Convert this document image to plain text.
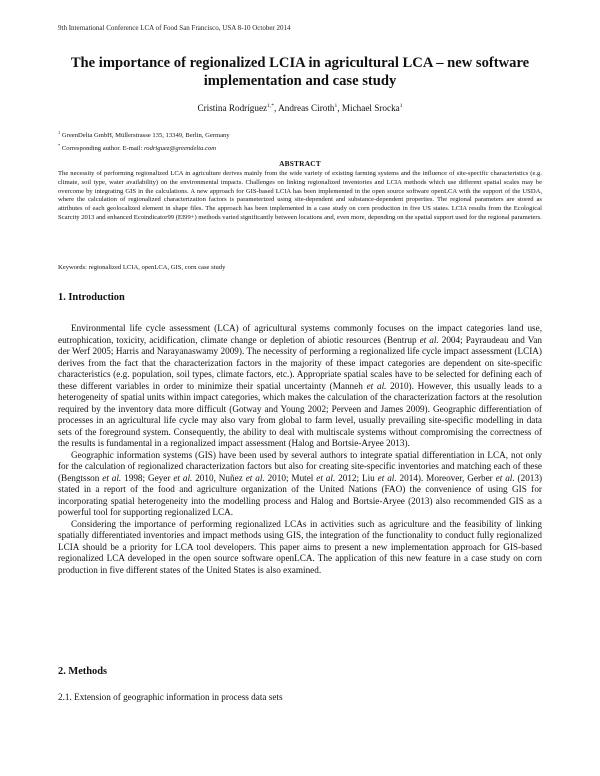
9th International Conference LCA of Food San Francisco, USA 8-10 October 2014
The importance of regionalized LCIA in agricultural LCA – new software implementation and case study
Cristina Rodríguez$^{1,*}$, Andreas Ciroth$^1$, Michael Srocka$^1$
$^1$ GreenDelta GmbH, Müllerstrasse 135, 13349, Berlin, Germany
* Corresponding author. E-mail: rodriguez@greendelta.com
ABSTRACT
The necessity of performing regionalized LCA in agriculture derives mainly from the wide variety of existing farming systems and the influence of site-specific characteristics (e.g. climate, soil type, water availability) on the environmental impacts. Challenges on linking regionalized inventories and LCIA methods which use different spatial scales may be overcome by integrating GIS in the calculations. A new approach for GIS-based LCIA has been implemented in the open source software openLCA with the support of the USDA, where the calculation of regionalized characterization factors is parameterized using site-dependent and substance-dependent properties. The regional parameters are stored as attributes of each geolocalized element in shape files. The approach has been implemented in a case study on corn production in five US states. LCIA results from the Ecological Scarcity 2013 and enhanced Ecoindicator99 (EI99+) methods varied significantly between locations and, even more, depending on the spatial support used for the regional parameters.
Keywords: regionalized LCIA, openLCA, GIS, corn case study
1. Introduction

Environmental life cycle assessment (LCA) of agricultural systems commonly focuses on the impact categories land use, eutrophication, toxicity, acidification, climate change or depletion of abiotic resources (Bentrup et al. 2004; Payraudeau and Van der Werf 2005; Harris and Narayanaswamy 2009). The necessity of performing a regionalized life cycle impact assessment (LCIA) derives from the fact that the characterization factors in the majority of these impact categories are dependent on site-specific characteristics (e.g. population, soil types, climate factors, etc.). Appropriate spatial scales have to be selected for defining each of these different variables in order to minimize their spatial uncertainty (Manneh et al. 2010). However, this usually leads to a heterogeneity of spatial units within impact categories, which makes the calculation of the characterization factors at the resolution required by the inventory data more difficult (Gotway and Young 2002; Perveen and James 2009). Geographic differentiation of processes in an agricultural life cycle may also vary from global to farm level, usually prevailing site-specific modelling in data sets of the foreground system. Consequently, the ability to deal with multiscale systems without compromising the correctness of the results is fundamental in a regionalized impact assessment (Halog and Bortsie-Aryee 2013).

Geographic information systems (GIS) have been used by several authors to integrate spatial differentiation in LCA, not only for the calculation of regionalized characterization factors but also for creating site-specific inventories and matching each of these (Bengtsson et al. 1998; Geyer et al. 2010, Nuñez et al. 2010; Mutel et al. 2012; Liu et al. 2014). Moreover, Gerber et al. (2013) stated in a report of the food and agriculture organization of the United Nations (FAO) the convenience of using GIS for incorporating spatial heterogeneity into the modelling process and Halog and Bortsie-Aryee (2013) also recommended GIS as a powerful tool for supporting regionalized LCA.

Considering the importance of performing regionalized LCAs in activities such as agriculture and the feasibility of linking spatially differentiated inventories and impact methods using GIS, the integration of the functionality to conduct fully regionalized LCIA should be a priority for LCA tool developers. This paper aims to present a new implementation approach for GIS-based regionalized LCA developed in the open source software openLCA. The application of this new feature in a case study on corn production in five different states of the United States is also examined.

2. Methods
2.1. Extension of geographic information in process data sets
